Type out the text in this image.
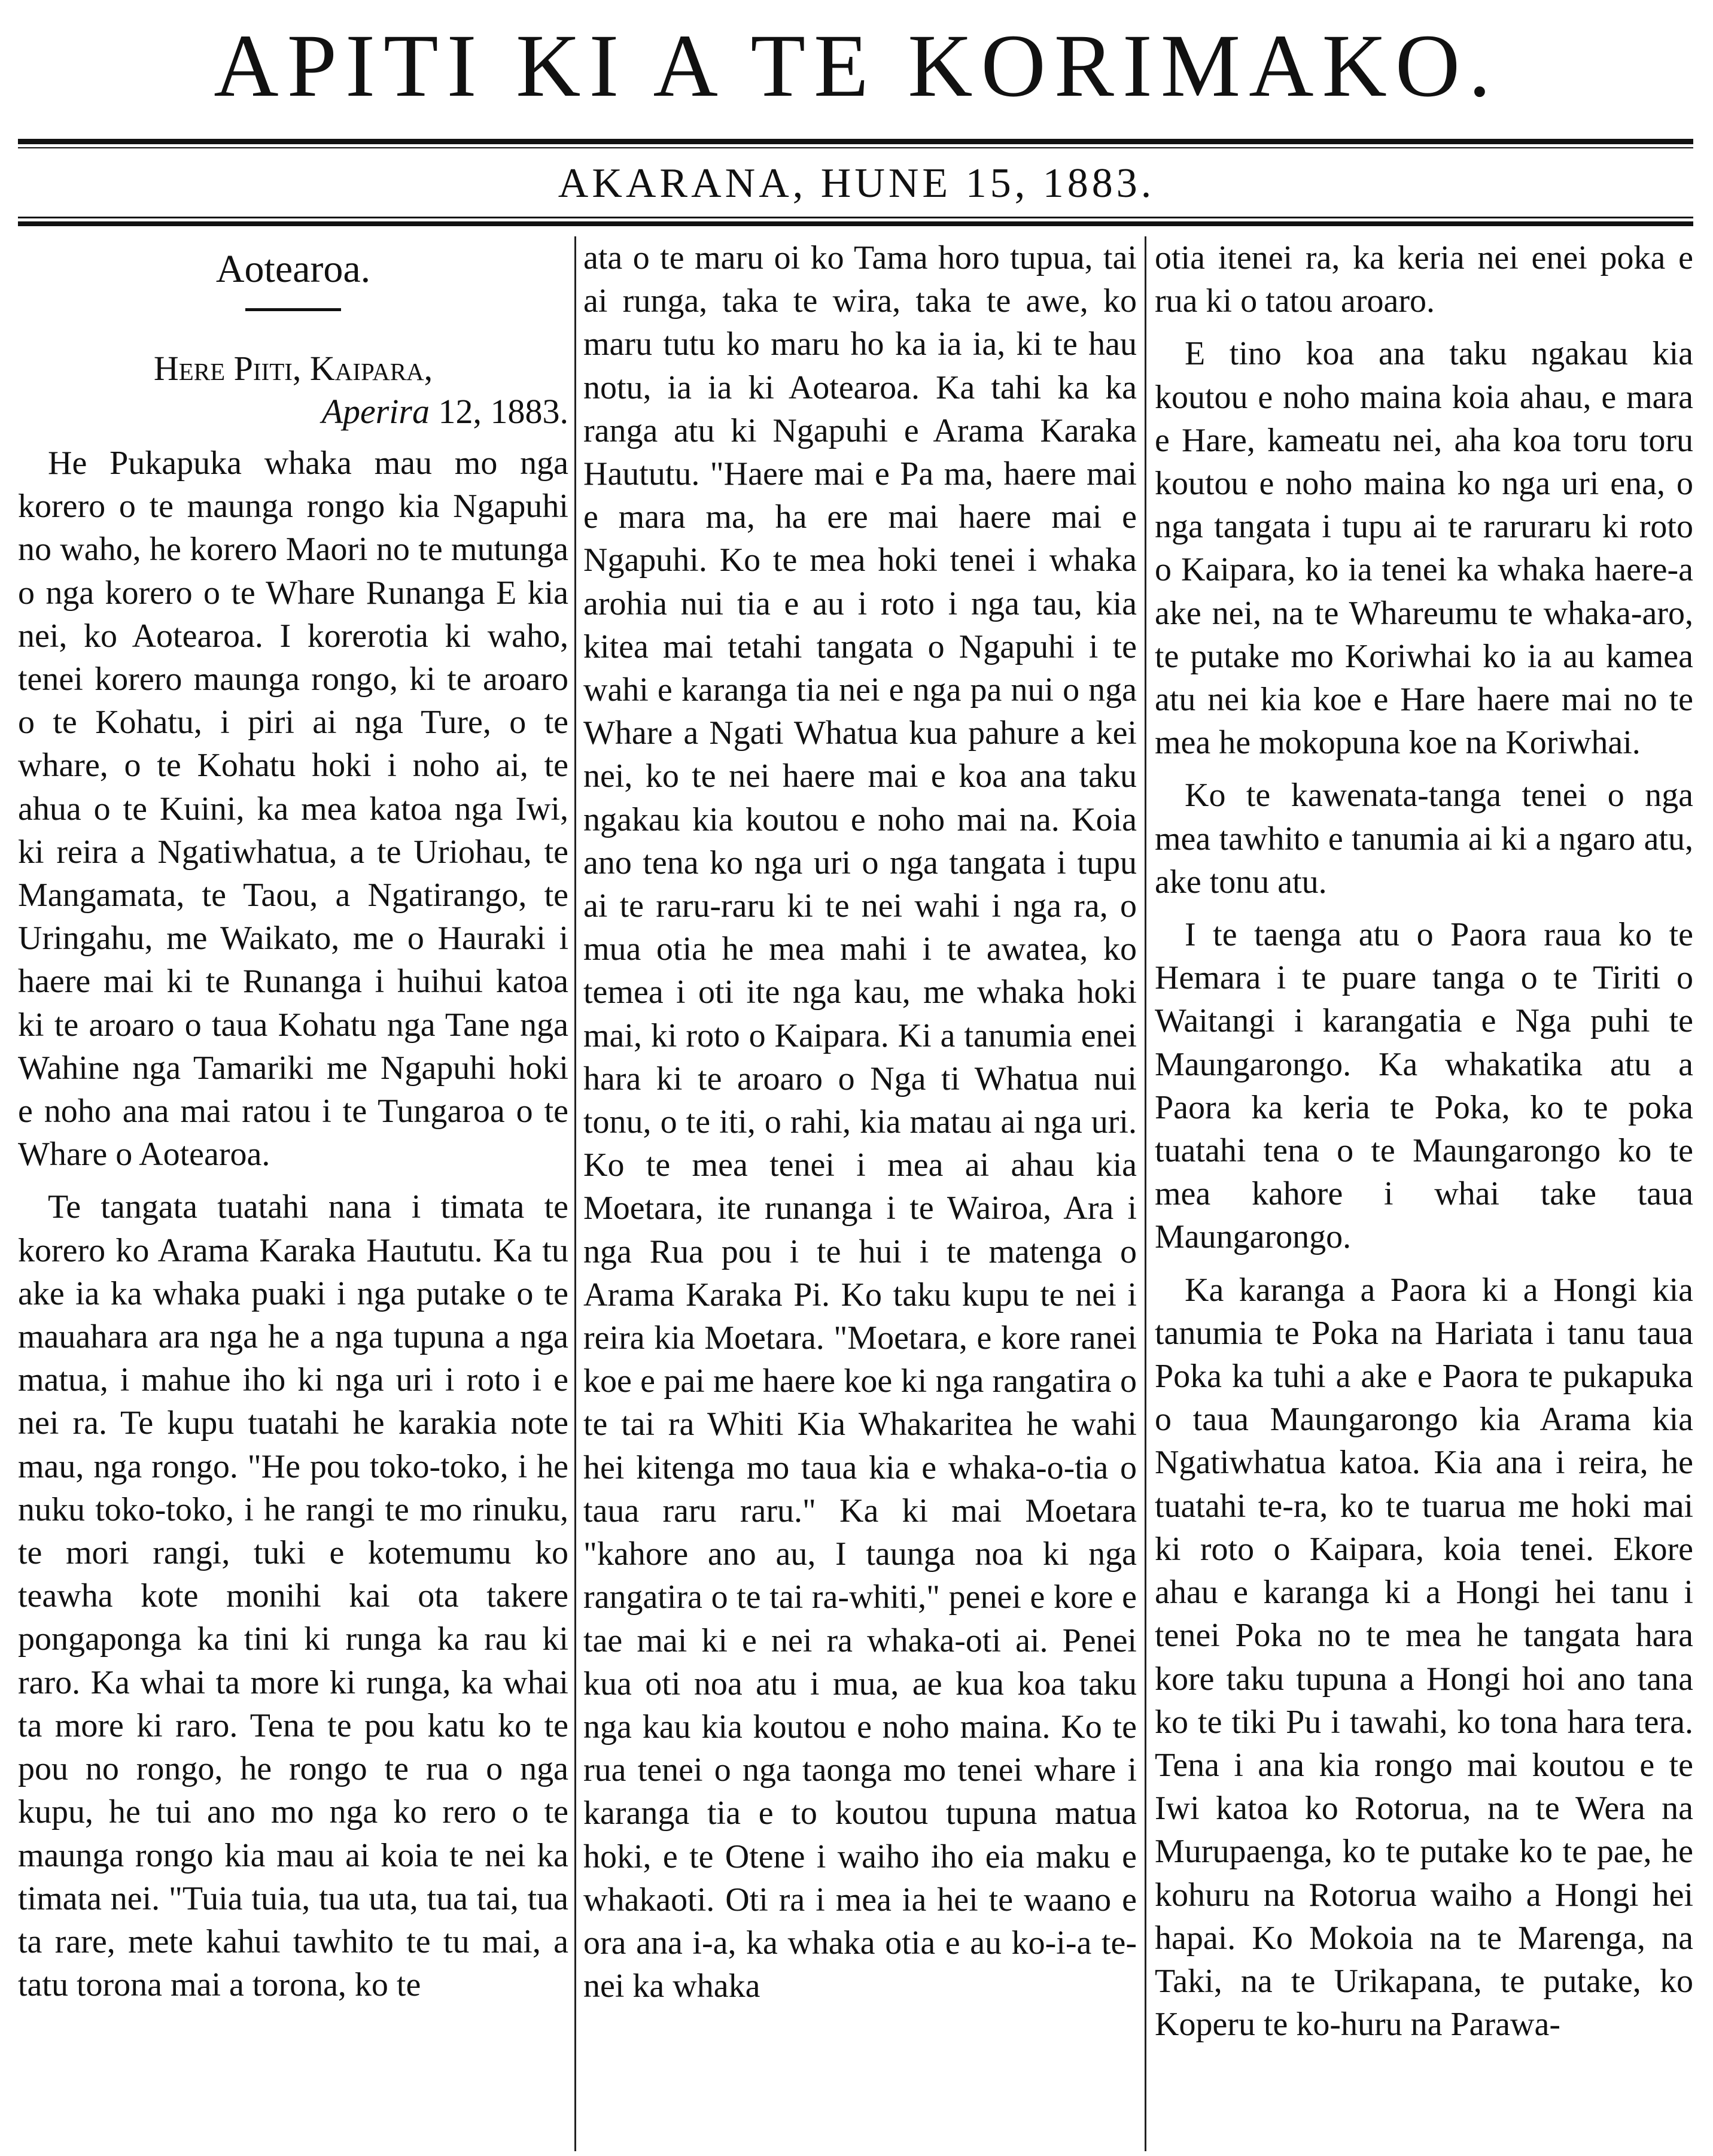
APITI KI A TE KORIMAKO.
AKARANA, HUNE 15, 1883.
Aotearoa.
Here Piiti, Kaipara,
Aperira 12, 1883.

He Pukapuka whaka mau mo nga korero o te maunga rongo kia Ngapuhi no waho, he korero Maori no te mutunga o nga korero o te Whare Runanga E kia nei, ko Aotearoa. I korerotia ki waho, tenei korero maunga rongo, ki te aroaro o te Kohatu, i piri ai nga Ture, o te whare, o te Kohatu hoki i noho ai, te ahua o te Kuini, ka mea katoa nga Iwi, ki reira a Ngatiwhatua, a te Uriohau, te Mangamata, te Taou, a Ngatirango, te Uringahu, me Waikato, me o Hauraki i haere mai ki te Runanga i huihui katoa ki te aroaro o taua Kohatu nga Tane nga Wahine nga Tamariki me Ngapuhi hoki e noho ana mai ratou i te Tungaroa o te Whare o Aotearoa.

Te tangata tuatahi nana i timata te korero ko Arama Karaka Haututu. Ka tu ake ia ka whaka puaki i nga putake o te mauahara ara nga he a nga tupuna a nga matua, i mahue iho ki nga uri i roto i e nei ra. Te kupu tuatahi he karakia note mau, nga rongo. "He pou toko-toko, i he nuku toko-toko, i he rangi te mo rinuku, te mori rangi, tuki e kotemumu ko teawha kote monihi kai ota takere pongaponga ka tini ki runga ka rau ki raro. Ka whai ta more ki runga, ka whai ta more ki raro. Tena te pou katu ko te pou no rongo, he rongo te rua o nga kupu, he tui ano mo nga ko rero o te maunga rongo kia mau ai koia te nei ka timata nei. "Tuia tuia, tua uta, tua tai, tua ta rare, mete kahui tawhito te tu mai, a tatu torona mai a torona, ko te

ata o te maru oi ko Tama horo tupua, tai ai runga, taka te wira, taka te awe, ko maru tutu ko maru ho ka ia ia, ki te hau notu, ia ia ki Aotearoa. Ka tahi ka ka ranga atu ki Ngapuhi e Arama Karaka Haututu. "Haere mai e Pa ma, haere mai e mara ma, ha ere mai haere mai e Ngapuhi. Ko te mea hoki tenei i whaka arohia nui tia e au i roto i nga tau, kia kitea mai tetahi tangata o Ngapuhi i te wahi e karanga tia nei e nga pa nui o nga Whare a Ngati Whatua kua pahure a kei nei, ko te nei haere mai e koa ana taku ngakau kia koutou e noho mai na. Koia ano tena ko nga uri o nga tangata i tupu ai te raru-raru ki te nei wahi i nga ra, o mua otia he mea mahi i te awatea, ko temea i oti ite nga kau, me whaka hoki mai, ki roto o Kaipara. Ki a tanumia enei hara ki te aroaro o Nga ti Whatua nui tonu, o te iti, o rahi, kia matau ai nga uri. Ko te mea tenei i mea ai ahau kia Moetara, ite runanga i te Wairoa, Ara i nga Rua pou i te hui i te matenga o Arama Karaka Pi. Ko taku kupu te nei i reira kia Moetara. "Moetara, e kore ranei koe e pai me haere koe ki nga rangatira o te tai ra Whiti Kia Whakaritea he wahi hei kitenga mo taua kia e whaka-o-tia o taua raru raru." Ka ki mai Moetara "kahore ano au, I taunga noa ki nga rangatira o te tai ra-whiti," penei e kore e tae mai ki e nei ra whaka-oti ai. Penei kua oti noa atu i mua, ae kua koa taku nga kau kia koutou e noho maina. Ko te rua tenei o nga taonga mo tenei whare i karanga tia e to koutou tupuna matua hoki, e te Otene i waiho iho eia maku e whakaoti. Oti ra i mea ia hei te waano e ora ana i-a, ka whaka otia e au ko-i-a te-nei ka whaka

otia itenei ra, ka keria nei enei poka e rua ki o tatou aroaro.

E tino koa ana taku ngakau kia koutou e noho maina koia ahau, e mara e Hare, kameatu nei, aha koa toru toru koutou e noho maina ko nga uri ena, o nga tangata i tupu ai te raruraru ki roto o Kaipara, ko ia tenei ka whaka haere-a ake nei, na te Whareumu te whaka-aro, te putake mo Koriwhai ko ia au kamea atu nei kia koe e Hare haere mai no te mea he mokopuna koe na Koriwhai.

Ko te kawenata-tanga tenei o nga mea tawhito e tanumia ai ki a ngaro atu, ake tonu atu.

I te taenga atu o Paora raua ko te Hemara i te puare tanga o te Tiriti o Waitangi i karangatia e Nga puhi te Maungarongo. Ka whakatika atu a Paora ka keria te Poka, ko te poka tuatahi tena o te Maungarongo ko te mea kahore i whai take taua Maungarongo.

Ka karanga a Paora ki a Hongi kia tanumia te Poka na Hariata i tanu taua Poka ka tuhi a ake e Paora te pukapuka o taua Maungarongo kia Arama kia Ngatiwhatua katoa. Kia ana i reira, he tuatahi te-ra, ko te tuarua me hoki mai ki roto o Kaipara, koia tenei. Ekore ahau e karanga ki a Hongi hei tanu i tenei Poka no te mea he tangata hara kore taku tupuna a Hongi hoi ano tana ko te tiki Pu i tawahi, ko tona hara tera. Tena i ana kia rongo mai koutou e te Iwi katoa ko Rotorua, na te Wera na Murupaenga, ko te putake ko te pae, he kohuru na Rotorua waiho a Hongi hei hapai. Ko Mokoia na te Marenga, na Taki, na te Urikapana, te putake, ko Koperu te ko-huru na Parawa-
